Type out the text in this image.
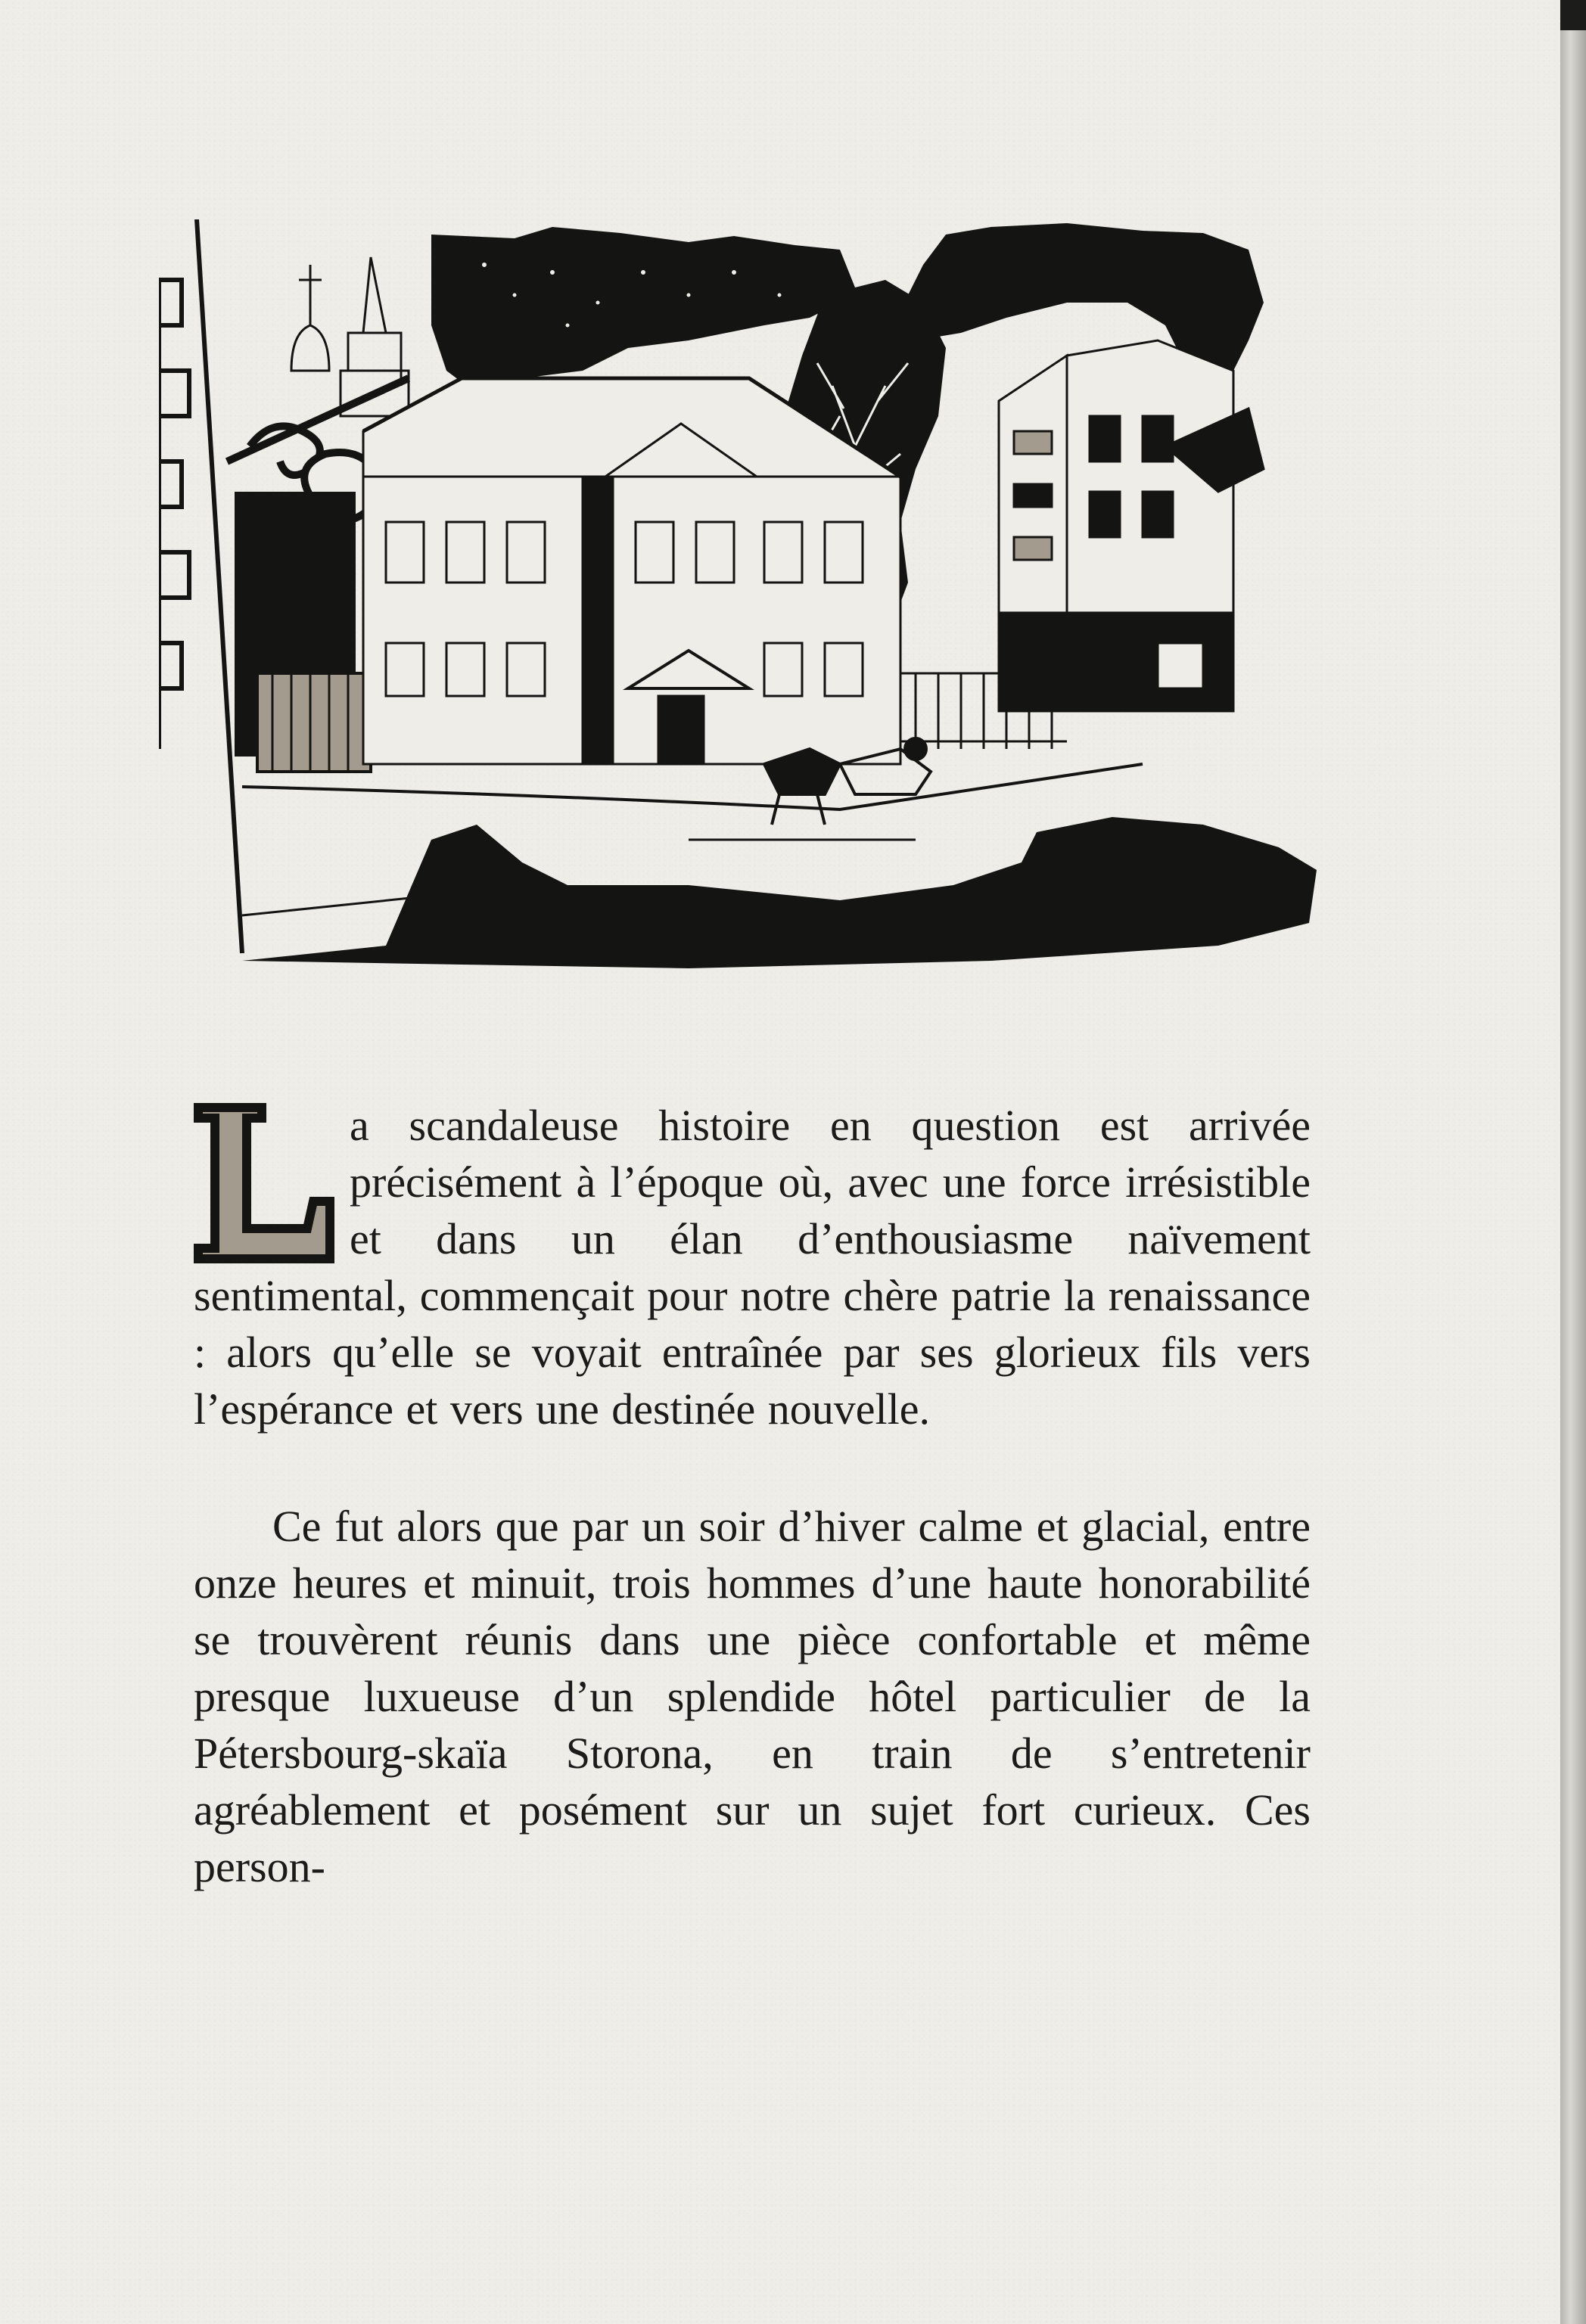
a scandaleuse histoire en question est arrivée précisément à l’époque où, avec une force irrésistible et dans un élan d’enthousiasme naïvement sentimental, commençait pour notre chère patrie la renaissance : alors qu’elle se voyait entraînée par ses glorieux fils vers l’espérance et vers une destinée nouvelle.

Ce fut alors que par un soir d’hiver calme et glacial, entre onze heures et minuit, trois hommes d’une haute honorabilité se trouvèrent réunis dans une pièce confortable et même presque luxueuse d’un splendide hôtel particulier de la Pétersbourg-skaïa Storona, en train de s’entretenir agréablement et posément sur un sujet fort curieux. Ces person-
